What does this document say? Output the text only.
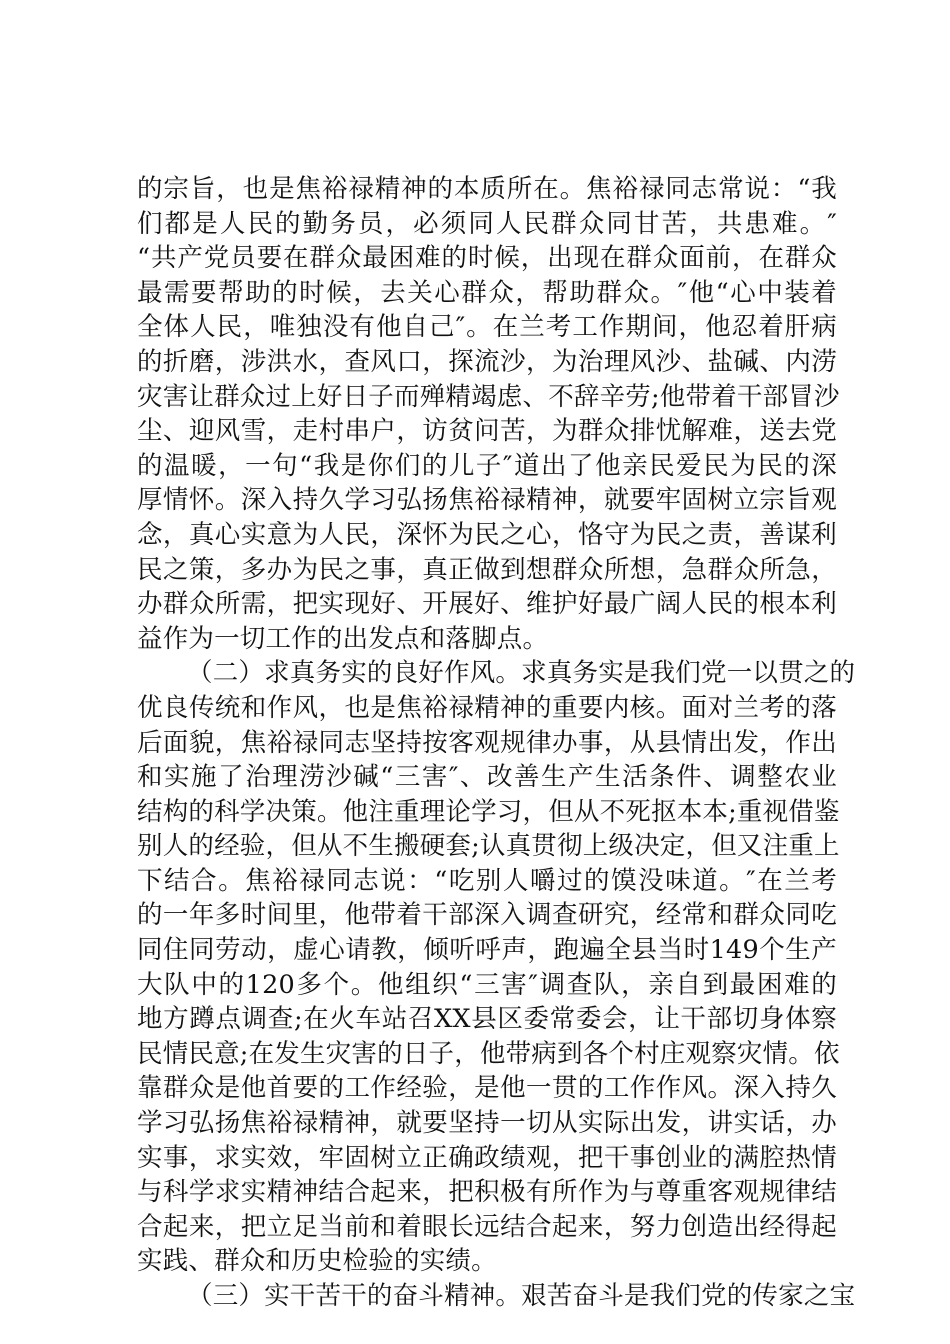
的宗旨，也是焦裕禄精神的本质所在。焦裕禄同志常说：“我
们都是人民的勤务员，必须同人民群众同甘苦，共患难。″
“共产党员要在群众最困难的时候，出现在群众面前，在群众
最需要帮助的时候，去关心群众，帮助群众。″他“心中装着
全体人民，唯独没有他自己″。在兰考工作期间，他忍着肝病
的折磨，涉洪水，查风口，探流沙，为治理风沙、盐碱、内涝
灾害让群众过上好日子而殚精竭虑、不辞辛劳;他带着干部冒沙
尘、迎风雪，走村串户，访贫问苦，为群众排忧解难，送去党
的温暖，一句“我是你们的儿子″道出了他亲民爱民为民的深
厚情怀。深入持久学习弘扬焦裕禄精神，就要牢固树立宗旨观
念，真心实意为人民，深怀为民之心，恪守为民之责，善谋利
民之策，多办为民之事，真正做到想群众所想，急群众所急，
办群众所需，把实现好、开展好、维护好最广阔人民的根本利
益作为一切工作的出发点和落脚点。
（二）求真务实的良好作风。求真务实是我们党一以贯之的
优良传统和作风，也是焦裕禄精神的重要内核。面对兰考的落
后面貌，焦裕禄同志坚持按客观规律办事，从县情出发，作出
和实施了治理涝沙碱“三害″、改善生产生活条件、调整农业
结构的科学决策。他注重理论学习，但从不死抠本本;重视借鉴
别人的经验，但从不生搬硬套;认真贯彻上级决定，但又注重上
下结合。焦裕禄同志说：“吃别人嚼过的馍没味道。″在兰考
的一年多时间里，他带着干部深入调查研究，经常和群众同吃
同住同劳动，虚心请教，倾听呼声，跑遍全县当时149个生产
大队中的120多个。他组织“三害″调查队，亲自到最困难的
地方蹲点调查;在火车站召XX县区委常委会，让干部切身体察
民情民意;在发生灾害的日子，他带病到各个村庄观察灾情。依
靠群众是他首要的工作经验，是他一贯的工作作风。深入持久
学习弘扬焦裕禄精神，就要坚持一切从实际出发，讲实话，办
实事，求实效，牢固树立正确政绩观，把干事创业的满腔热情
与科学求实精神结合起来，把积极有所作为与尊重客观规律结
合起来，把立足当前和着眼长远结合起来，努力创造出经得起
实践、群众和历史检验的实绩。
（三）实干苦干的奋斗精神。艰苦奋斗是我们党的传家之宝
